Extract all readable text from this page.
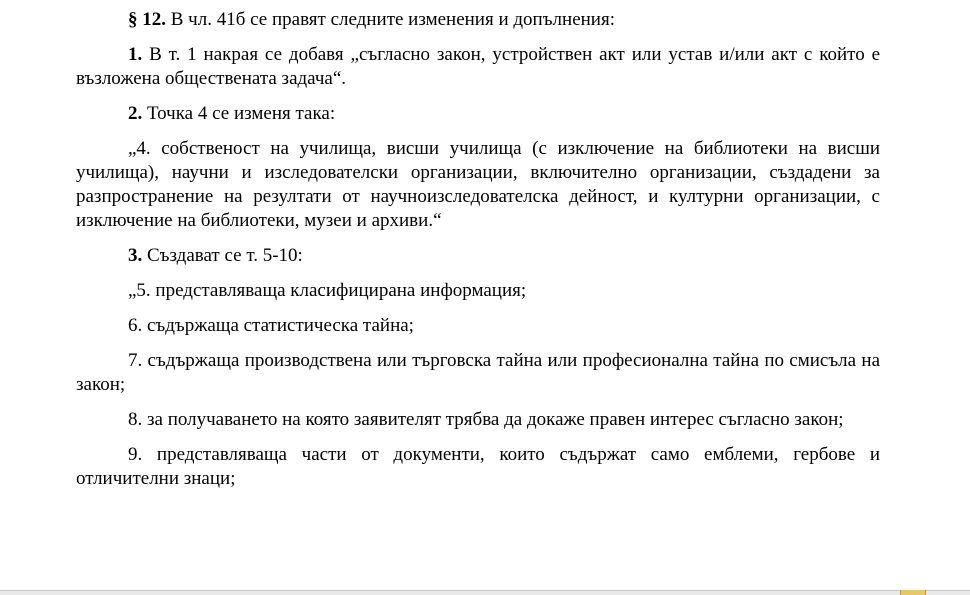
§ 12. В чл. 41б се правят следните изменения и допълнения:

1. В т. 1 накрая се добавя „съгласно закон, устройствен акт или устав и/или акт с който е възложена обществената задача“.

2. Точка 4 се изменя така:

„4. собственост на училища, висши училища (с изключение на библиотеки на висши училища), научни и изследователски организации, включително организации, създадени за разпространение на резултати от научноизследователска дейност, и културни организации, с изключение на библиотеки, музеи и архиви.“

3. Създават се т. 5-10:

„5. представляваща класифицирана информация;

6. съдържаща статистическа тайна;

7. съдържаща производствена или търговска тайна или професионална тайна по смисъла на закон;

8. за получаването на която заявителят трябва да докаже правен интерес съгласно закон;

9. представляваща части от документи, които съдържат само емблеми, гербове и отличителни знаци;
